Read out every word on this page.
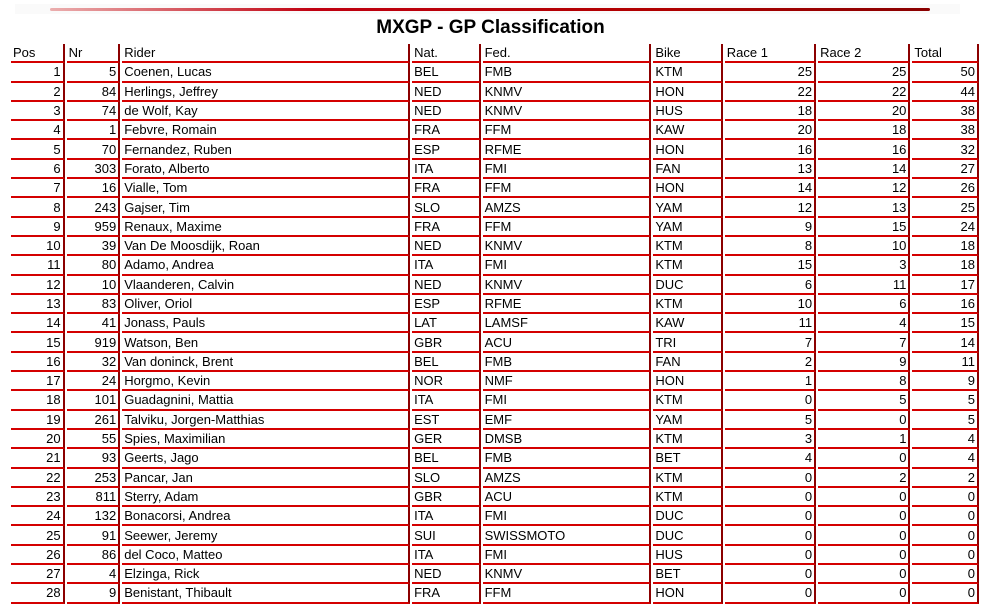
MXGP - GP Classification
Pos	Nr	Rider	Nat.	Fed.	Bike	Race 1	Race 2	Total
1	5	Coenen, Lucas	BEL	FMB	KTM	25	25	50
2	84	Herlings, Jeffrey	NED	KNMV	HON	22	22	44
3	74	de Wolf, Kay	NED	KNMV	HUS	18	20	38
4	1	Febvre, Romain	FRA	FFM	KAW	20	18	38
5	70	Fernandez, Ruben	ESP	RFME	HON	16	16	32
6	303	Forato, Alberto	ITA	FMI	FAN	13	14	27
7	16	Vialle, Tom	FRA	FFM	HON	14	12	26
8	243	Gajser, Tim	SLO	AMZS	YAM	12	13	25
9	959	Renaux, Maxime	FRA	FFM	YAM	9	15	24
10	39	Van De Moosdijk, Roan	NED	KNMV	KTM	8	10	18
11	80	Adamo, Andrea	ITA	FMI	KTM	15	3	18
12	10	Vlaanderen, Calvin	NED	KNMV	DUC	6	11	17
13	83	Oliver, Oriol	ESP	RFME	KTM	10	6	16
14	41	Jonass, Pauls	LAT	LAMSF	KAW	11	4	15
15	919	Watson, Ben	GBR	ACU	TRI	7	7	14
16	32	Van doninck, Brent	BEL	FMB	FAN	2	9	11
17	24	Horgmo, Kevin	NOR	NMF	HON	1	8	9
18	101	Guadagnini, Mattia	ITA	FMI	KTM	0	5	5
19	261	Talviku, Jorgen-Matthias	EST	EMF	YAM	5	0	5
20	55	Spies, Maximilian	GER	DMSB	KTM	3	1	4
21	93	Geerts, Jago	BEL	FMB	BET	4	0	4
22	253	Pancar, Jan	SLO	AMZS	KTM	0	2	2
23	811	Sterry, Adam	GBR	ACU	KTM	0	0	0
24	132	Bonacorsi, Andrea	ITA	FMI	DUC	0	0	0
25	91	Seewer, Jeremy	SUI	SWISSMOTO	DUC	0	0	0
26	86	del Coco, Matteo	ITA	FMI	HUS	0	0	0
27	4	Elzinga, Rick	NED	KNMV	BET	0	0	0
28	9	Benistant, Thibault	FRA	FFM	HON	0	0	0
